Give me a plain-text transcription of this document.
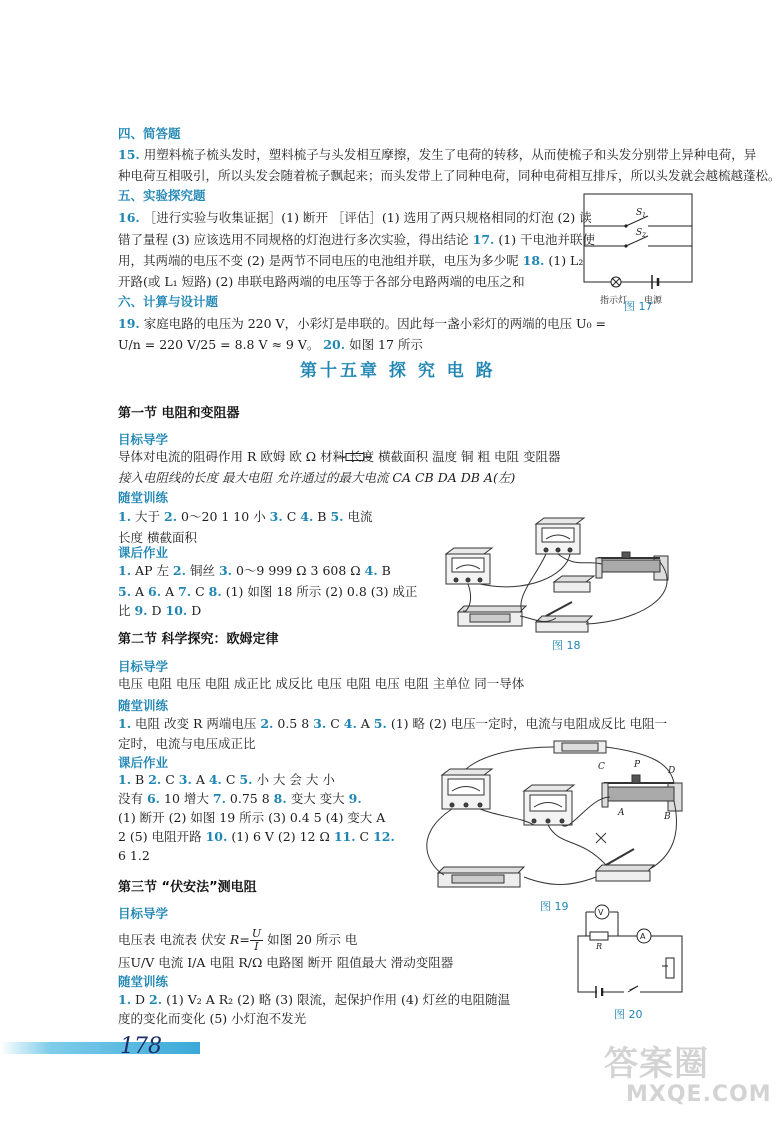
四、简答题
15. 用塑料梳子梳头发时，塑料梳子与头发相互摩擦，发生了电荷的转移，从而使梳子和头发分别带上异种电荷，异
种电荷互相吸引，所以头发会随着梳子飘起来；而头发带上了同种电荷，同种电荷相互排斥，所以头发就会越梳越蓬松。
五、实验探究题
16. ［进行实验与收集证据］(1) 断开 ［评估］(1) 选用了两只规格相同的灯泡 (2) 读
错了量程 (3) 应该选用不同规格的灯泡进行多次实验，得出结论 17. (1) 干电池并联使
用，其两端的电压不变 (2) 是两节不同电压的电池组并联，电压为多少呢 18. (1) L₂
开路(或 L₁ 短路) (2) 串联电路两端的电压等于各部分电路两端的电压之和
六、计算与设计题
19. 家庭电路的电压为 220 V，小彩灯是串联的。因此每一盏小彩灯的两端的电压 U₀ =
U/n = 220 V/25 = 8.8 V ≈ 9 V。 20. 如图 17 所示
$S_1$
$S_2$
指示灯 电源
图 17
第十五章 探 究 电 路
第一节 电阻和变阻器
目标导学
导体对电流的阻碍作用 R 欧姆 欧 Ω 材料 长度 横截面积 温度 铜 粗 电阻 变阻器
接入电阻线的长度 最大电阻 允许通过的最大电流 CA CB DA DB A(左)
随堂训练
1. 大于 2. 0～20 1 10 小 3. C 4. B 5. 电流
长度 横截面积
课后作业
1. AP 左 2. 铜丝 3. 0～9 999 Ω 3 608 Ω 4. B
5. A 6. A 7. C 8. (1) 如图 18 所示 (2) 0.8 (3) 成正
比 9. D 10. D
图 18
第二节 科学探究：欧姆定律
目标导学
电压 电阻 电压 电阻 成正比 成反比 电压 电阻 电压 电阻 主单位 同一导体
随堂训练
1. 电阻 改变 R 两端电压 2. 0.5 8 3. C 4. A 5. (1) 略 (2) 电压一定时，电流与电阻成反比 电阻一
定时，电流与电压成正比
课后作业
1. B 2. C 3. A 4. C 5. 小 大 会 大 小
没有 6. 10 增大 7. 0.75 8 8. 变大 变大 9.
(1) 断开 (2) 如图 19 所示 (3) 0.4 5 (4) 变大 A
2 (5) 电阻开路 10. (1) 6 V (2) 12 Ω 11. C 12.
6 1.2
C	P
D
A	B
图 19
第三节 “伏安法”测电阻
目标导学
电压表 电流表 伏安 $R= \frac{U}{I}$ 如图 20 所示 电
压U/V 电流 I/A 电阻 R/Ω 电路图 断开 阻值最大 滑动变阻器
随堂训练
1. D 2. (1) V₂ A R₂ (2) 略 (3) 限流，起保护作用 (4) 灯丝的电阻随温
度的变化而变化 (5) 小灯泡不发光
V
A
R
图 20
178	答案圈
MXQE.COM
